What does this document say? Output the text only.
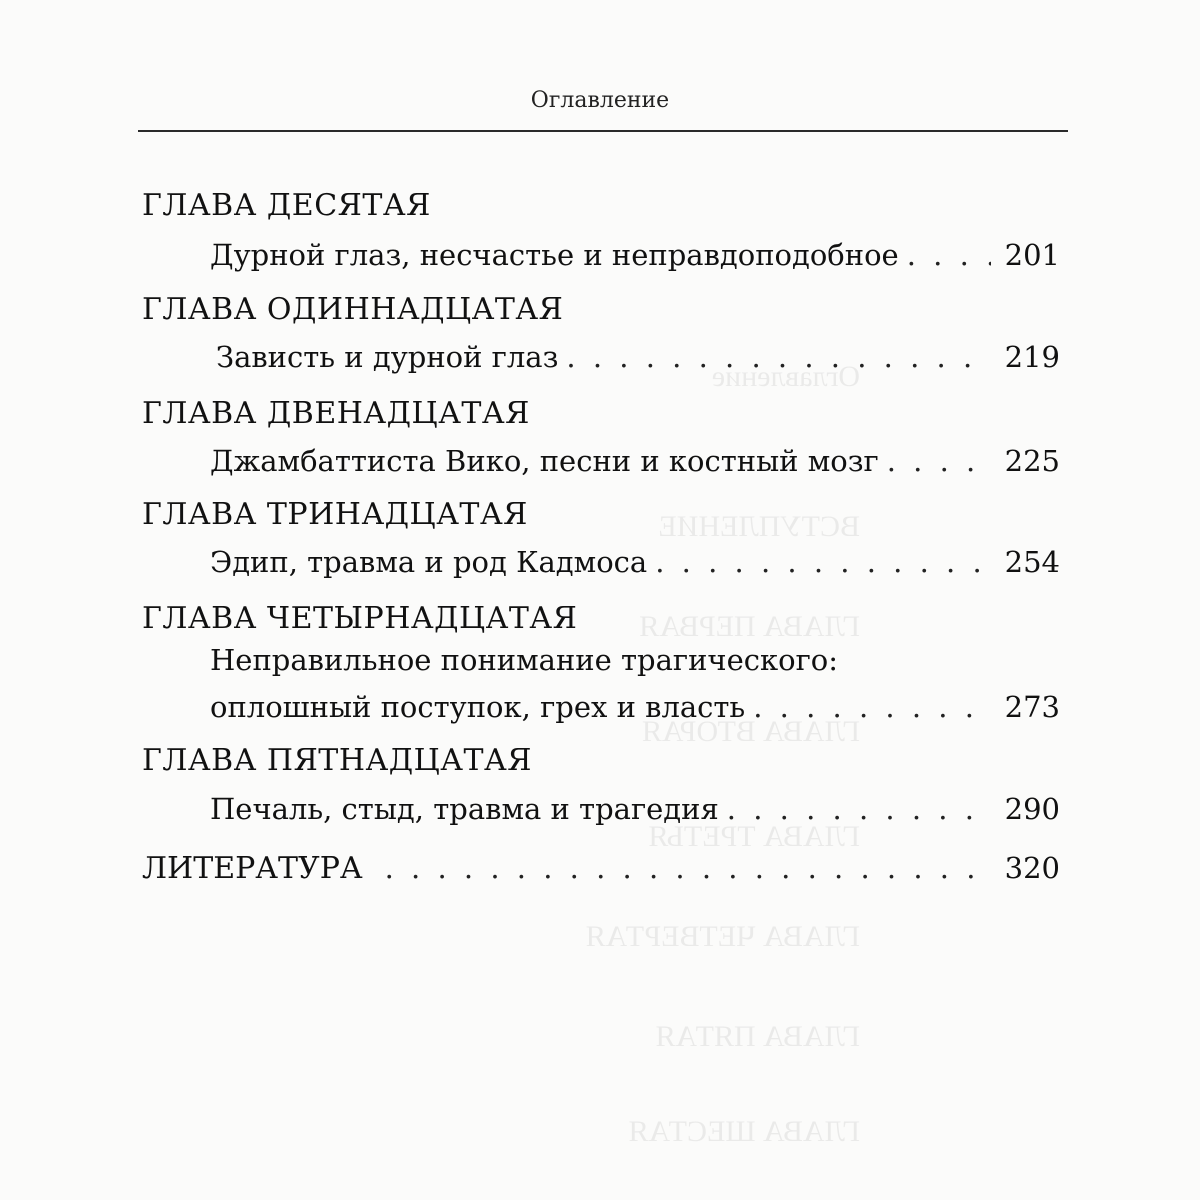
Оглавление
ВСТУПЛЕНИЕ
ГЛАВА ПЕРВАЯ
ГЛАВА ВТОРАЯ
ГЛАВА ТРЕТЬЯ
ГЛАВА ЧЕТВЕРТАЯ
ГЛАВА ПЯТАЯ
ГЛАВА ШЕСТАЯ
Оглавление
ГЛАВА ДЕСЯТАЯ
Дурной глаз, несчастье и неправдоподобное . . .	201
ГЛАВА ОДИННАДЦАТАЯ
Зависть и дурной глаз . . .	219
ГЛАВА ДВЕНАДЦАТАЯ
Джамбаттиста Вико, песни и костный мозг . . .	225
ГЛАВА ТРИНАДЦАТАЯ
Эдип, травма и род Кадмоса . . .	254
ГЛАВА ЧЕТЫРНАДЦАТАЯ
Неправильное понимание трагического:
оплошный поступок, грех и власть . . .	273
ГЛАВА ПЯТНАДЦАТАЯ
Печаль, стыд, травма и трагедия . . .	290
ЛИТЕРАТУРА . . .	320
